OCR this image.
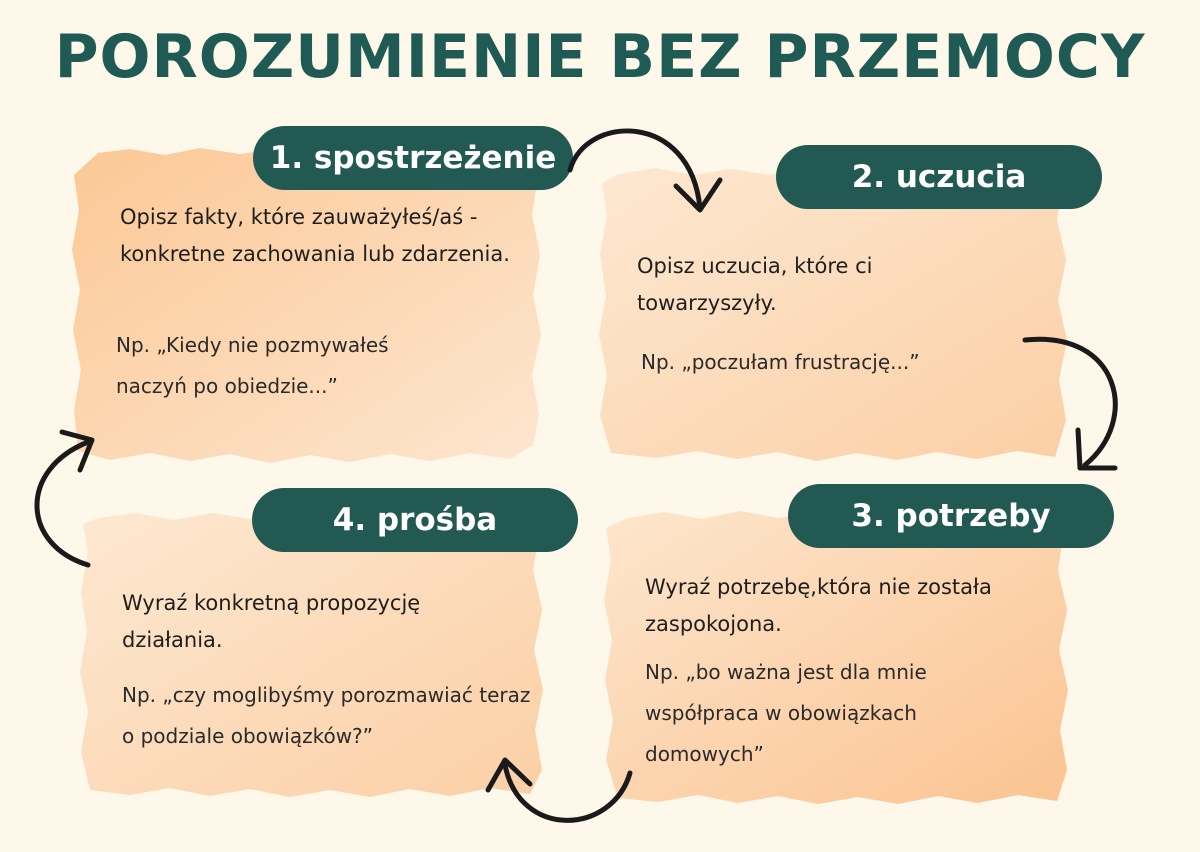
POROZUMIENIE BEZ PRZEMOCY

Opisz fakty, które zauważyłeś/aś - konkretne zachowania lub zdarzenia.

Np. „Kiedy nie pozmywałeś naczyń po obiedzie...”

1. spostrzeżenie

Opisz uczucia, które ci towarzyszyły.

Np. „poczułam frustrację...”

2. uczucia

Wyraź potrzebę,która nie została zaspokojona.

Np. „bo ważna jest dla mnie współpraca w obowiązkach domowych”

3. potrzeby

Wyraź konkretną propozycję działania.

Np. „czy moglibyśmy porozmawiać teraz o podziale obowiązków?”

4. prośba
